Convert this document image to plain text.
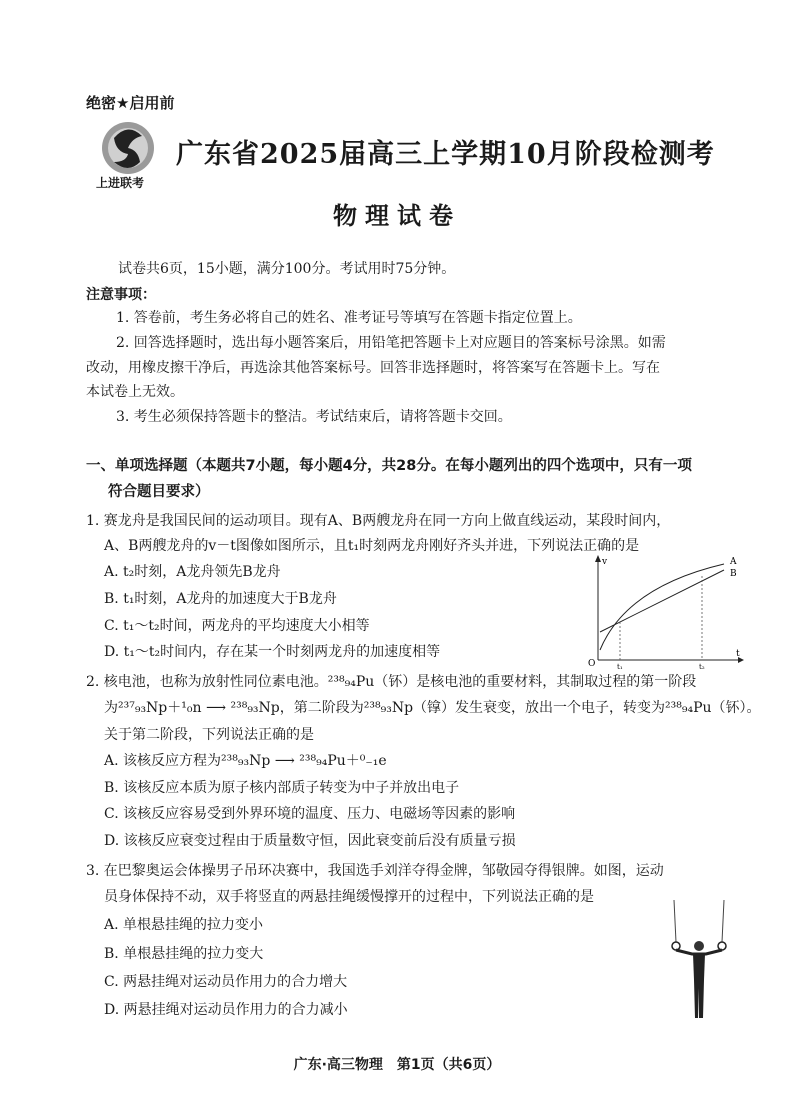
绝密★启用前
上进联考
广东省2025届高三上学期10月阶段检测考
物理试卷
试卷共6页，15小题，满分100分。考试用时75分钟。
注意事项：
1. 答卷前，考生务必将自己的姓名、准考证号等填写在答题卡指定位置上。
2. 回答选择题时，选出每小题答案后，用铅笔把答题卡上对应题目的答案标号涂黑。如需
改动，用橡皮擦干净后，再选涂其他答案标号。回答非选择题时，将答案写在答题卡上。写在
本试卷上无效。
3. 考生必须保持答题卡的整洁。考试结束后，请将答题卡交回。
一、单项选择题（本题共7小题，每小题4分，共28分。在每小题列出的四个选项中，只有一项
符合题目要求）
1. 赛龙舟是我国民间的运动项目。现有A、B两艘龙舟在同一方向上做直线运动，某段时间内，
A、B两艘龙舟的v－t图像如图所示，且t₁时刻两龙舟刚好齐头并进，下列说法正确的是
A. t₂时刻，A龙舟领先B龙舟
B. t₁时刻，A龙舟的加速度大于B龙舟
C. t₁～t₂时间，两龙舟的平均速度大小相等
D. t₁～t₂时间内，存在某一个时刻两龙舟的加速度相等
v
t
O	t₁	t₂
A
B
2. 核电池，也称为放射性同位素电池。²³⁸₉₄Pu（钚）是核电池的重要材料，其制取过程的第一阶段
为²³⁷₉₃Np＋¹₀n ⟶ ²³⁸₉₃Np，第二阶段为²³⁸₉₃Np（镎）发生衰变，放出一个电子，转变为²³⁸₉₄Pu（钚）。
关于第二阶段，下列说法正确的是
A. 该核反应方程为²³⁸₉₃Np ⟶ ²³⁸₉₄Pu＋⁰₋₁e
B. 该核反应本质为原子核内部质子转变为中子并放出电子
C. 该核反应容易受到外界环境的温度、压力、电磁场等因素的影响
D. 该核反应衰变过程由于质量数守恒，因此衰变前后没有质量亏损
3. 在巴黎奥运会体操男子吊环决赛中，我国选手刘洋夺得金牌，邹敬园夺得银牌。如图，运动
员身体保持不动，双手将竖直的两悬挂绳缓慢撑开的过程中，下列说法正确的是
A. 单根悬挂绳的拉力变小
B. 单根悬挂绳的拉力变大
C. 两悬挂绳对运动员作用力的合力增大
D. 两悬挂绳对运动员作用力的合力减小
广东·高三物理　第1页（共6页）
